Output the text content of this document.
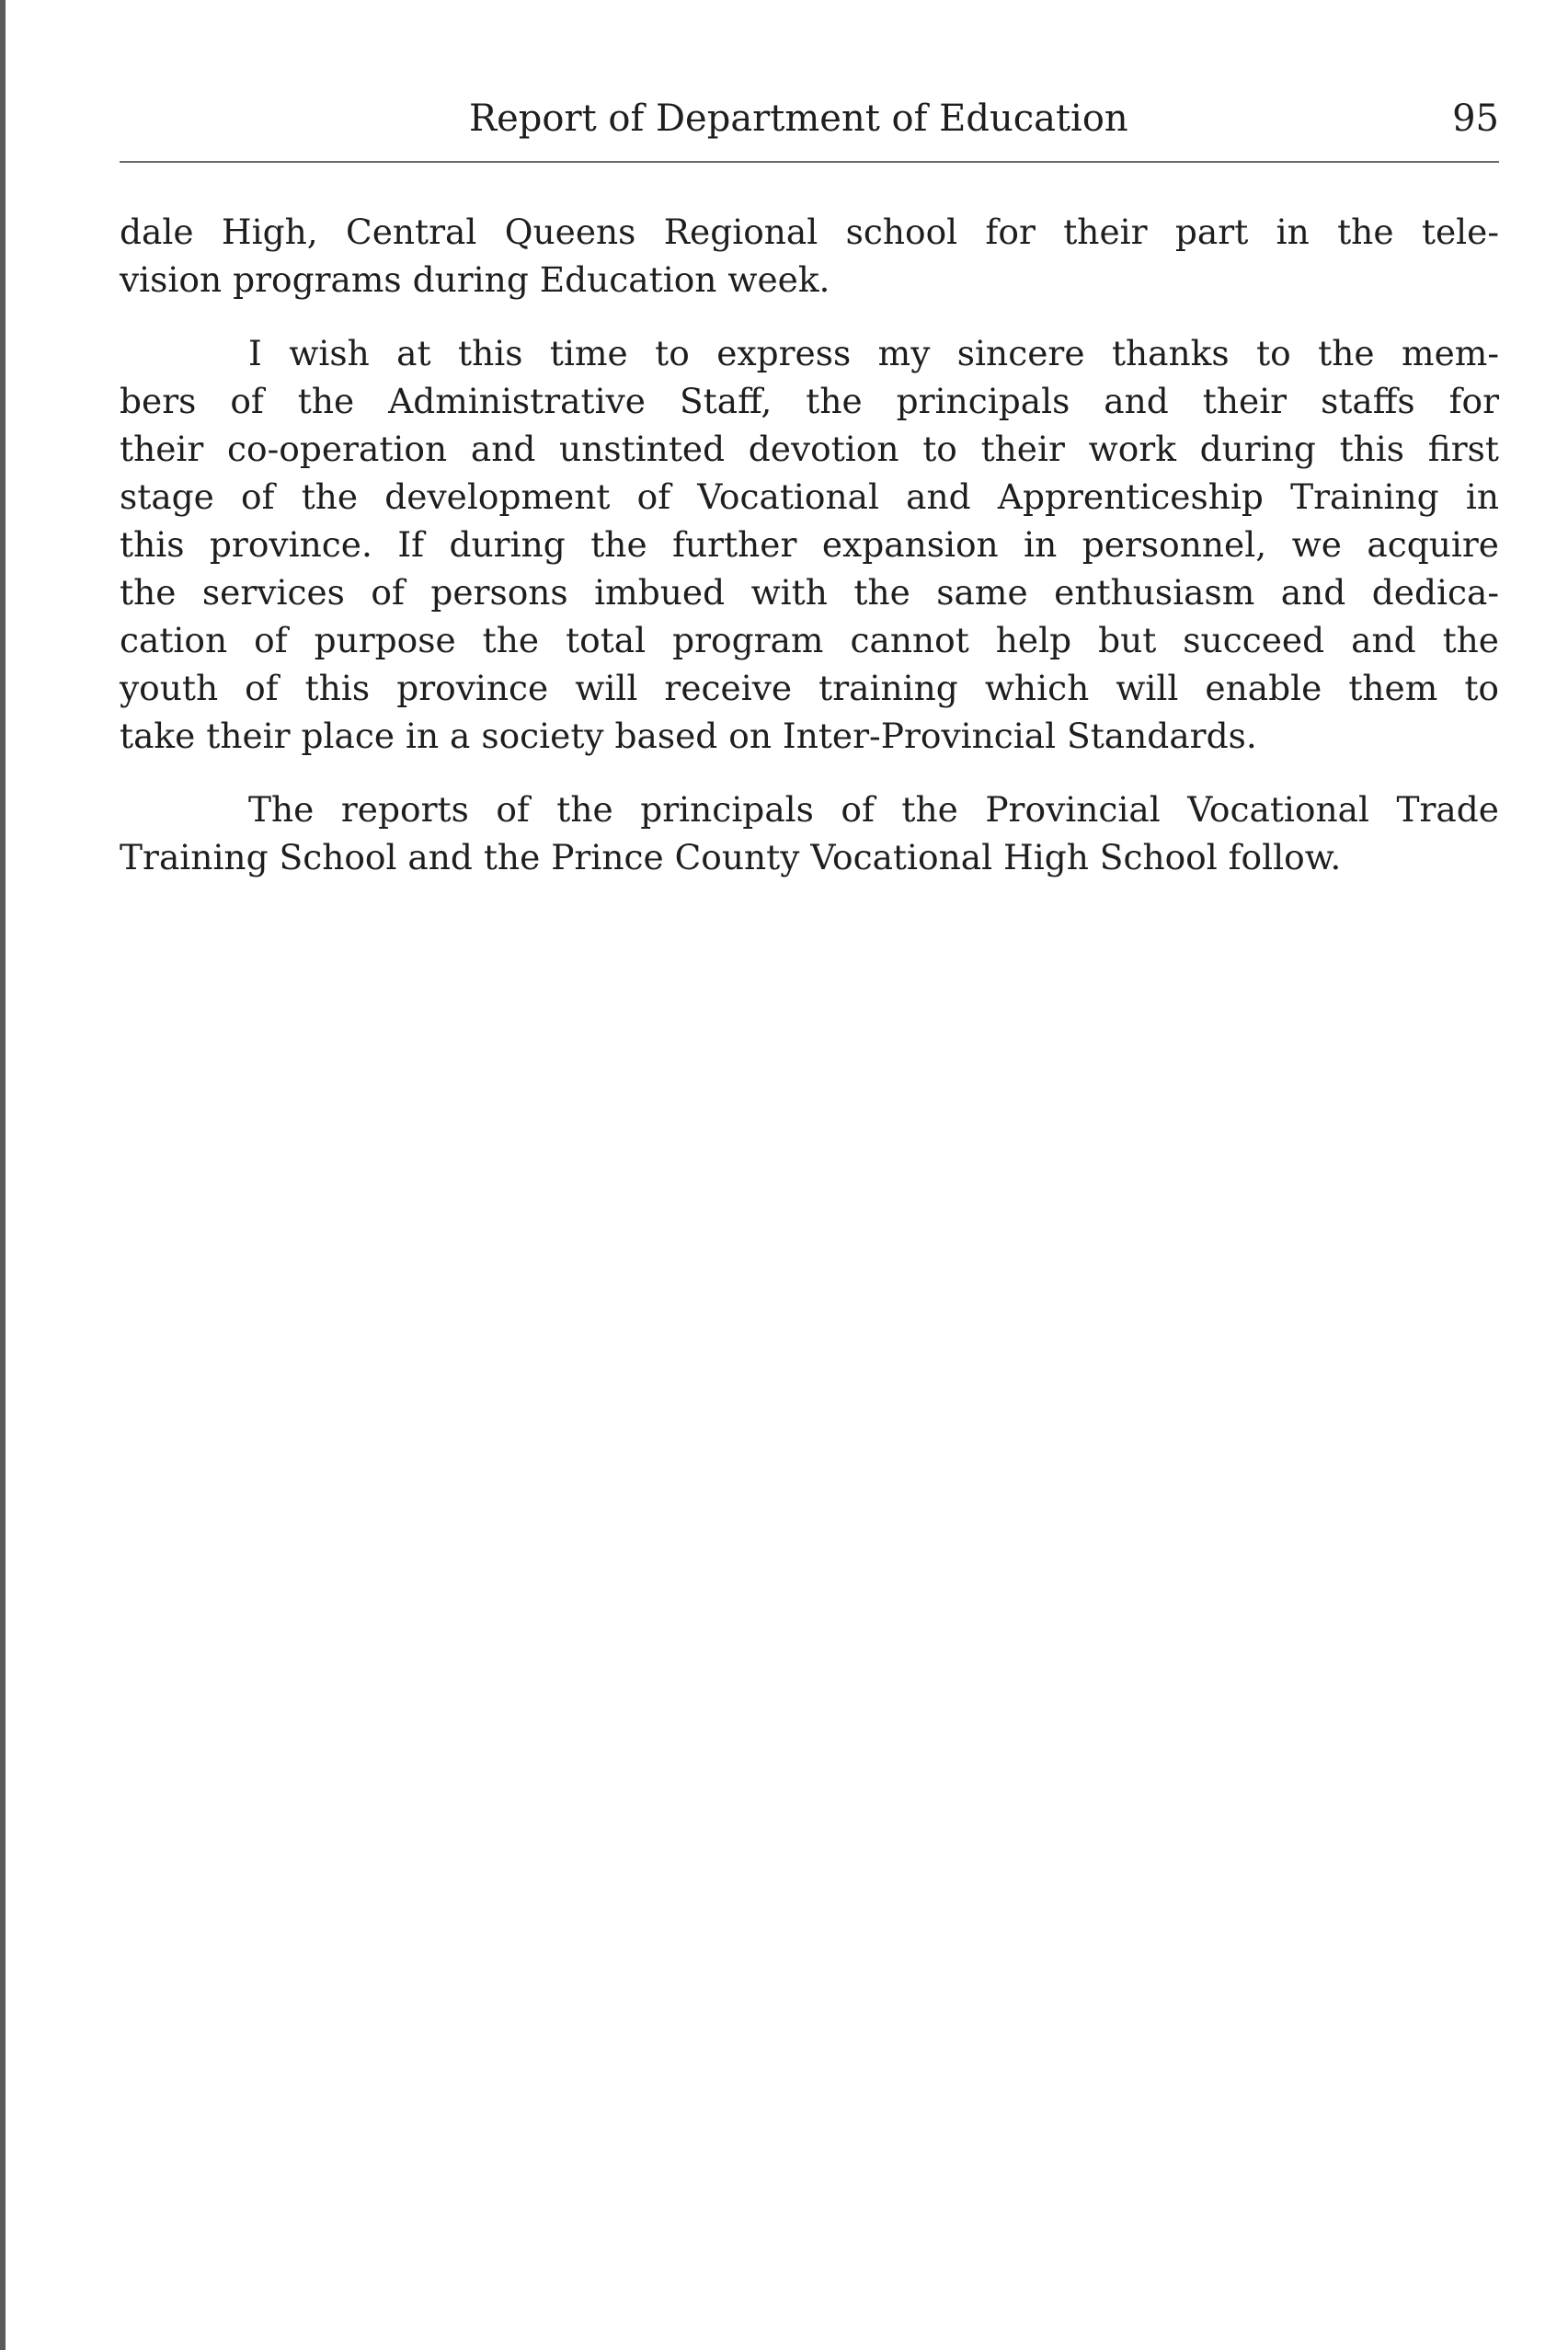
Report of Department of Education	95

dale High, Central Queens Regional school for their part in the tele-
vision programs during Education week.

I wish at this time to express my sincere thanks to the mem-
bers of the Administrative Staff, the principals and their staffs for
their co-operation and unstinted devotion to their work during this first
stage of the development of Vocational and Apprenticeship Training in
this province. If during the further expansion in personnel, we acquire
the services of persons imbued with the same enthusiasm and dedica-
cation of purpose the total program cannot help but succeed and the
youth of this province will receive training which will enable them to
take their place in a society based on Inter-Provincial Standards.

The reports of the principals of the Provincial Vocational Trade
Training School and the Prince County Vocational High School follow.
